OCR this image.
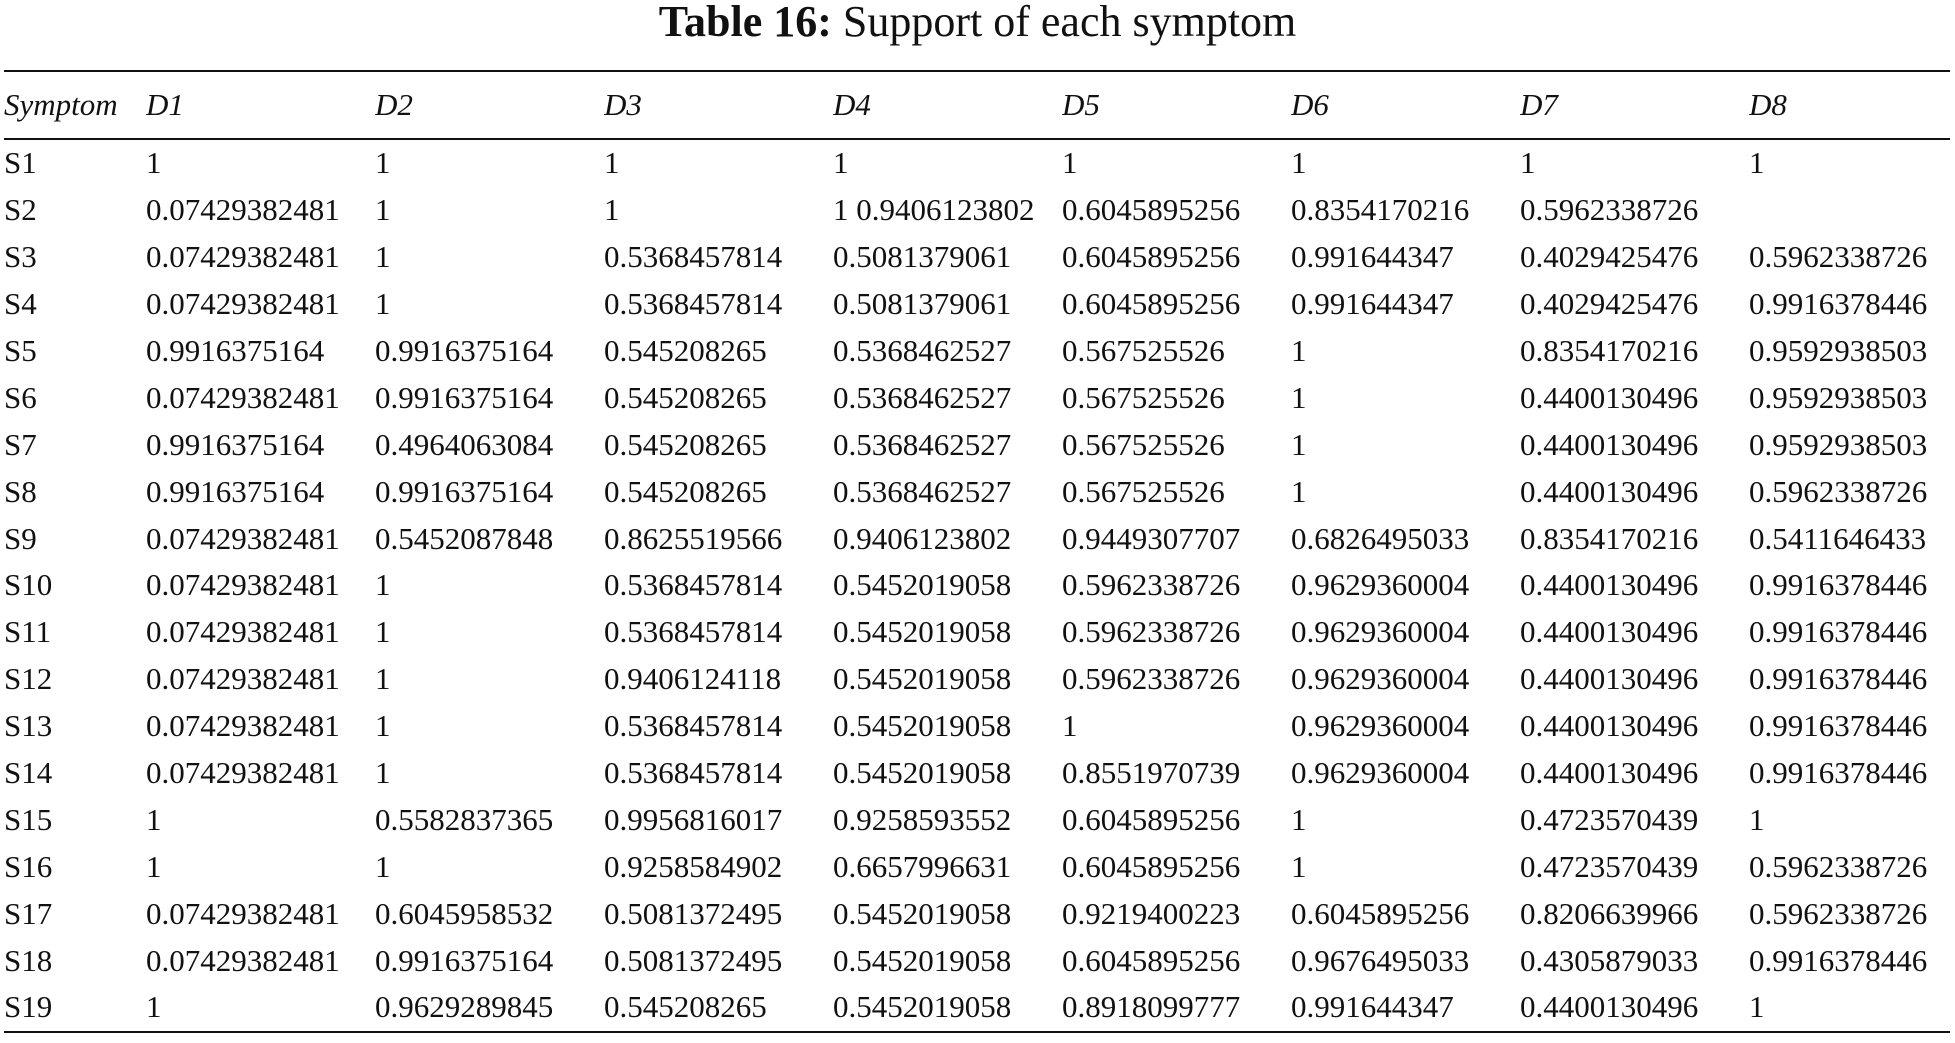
Table 16: Support of each symptom
Symptom	D1	D2	D3	D4	D5	D6	D7	D8
S1	1	1	1	1	1	1	1	1
S2	0.07429382481	1	1	1 0.9406123802	0.6045895256	0.8354170216	0.5962338726	
S3	0.07429382481	1	0.5368457814	0.5081379061	0.6045895256	0.991644347	0.4029425476	0.5962338726
S4	0.07429382481	1	0.5368457814	0.5081379061	0.6045895256	0.991644347	0.4029425476	0.9916378446
S5	0.9916375164	0.9916375164	0.545208265	0.5368462527	0.567525526	1	0.8354170216	0.9592938503
S6	0.07429382481	0.9916375164	0.545208265	0.5368462527	0.567525526	1	0.4400130496	0.9592938503
S7	0.9916375164	0.4964063084	0.545208265	0.5368462527	0.567525526	1	0.4400130496	0.9592938503
S8	0.9916375164	0.9916375164	0.545208265	0.5368462527	0.567525526	1	0.4400130496	0.5962338726
S9	0.07429382481	0.5452087848	0.8625519566	0.9406123802	0.9449307707	0.6826495033	0.8354170216	0.5411646433
S10	0.07429382481	1	0.5368457814	0.5452019058	0.5962338726	0.9629360004	0.4400130496	0.9916378446
S11	0.07429382481	1	0.5368457814	0.5452019058	0.5962338726	0.9629360004	0.4400130496	0.9916378446
S12	0.07429382481	1	0.9406124118	0.5452019058	0.5962338726	0.9629360004	0.4400130496	0.9916378446
S13	0.07429382481	1	0.5368457814	0.5452019058	1	0.9629360004	0.4400130496	0.9916378446
S14	0.07429382481	1	0.5368457814	0.5452019058	0.8551970739	0.9629360004	0.4400130496	0.9916378446
S15	1	0.5582837365	0.9956816017	0.9258593552	0.6045895256	1	0.4723570439	1
S16	1	1	0.9258584902	0.6657996631	0.6045895256	1	0.4723570439	0.5962338726
S17	0.07429382481	0.6045958532	0.5081372495	0.5452019058	0.9219400223	0.6045895256	0.8206639966	0.5962338726
S18	0.07429382481	0.9916375164	0.5081372495	0.5452019058	0.6045895256	0.9676495033	0.4305879033	0.9916378446
S19	1	0.9629289845	0.545208265	0.5452019058	0.8918099777	0.991644347	0.4400130496	1
